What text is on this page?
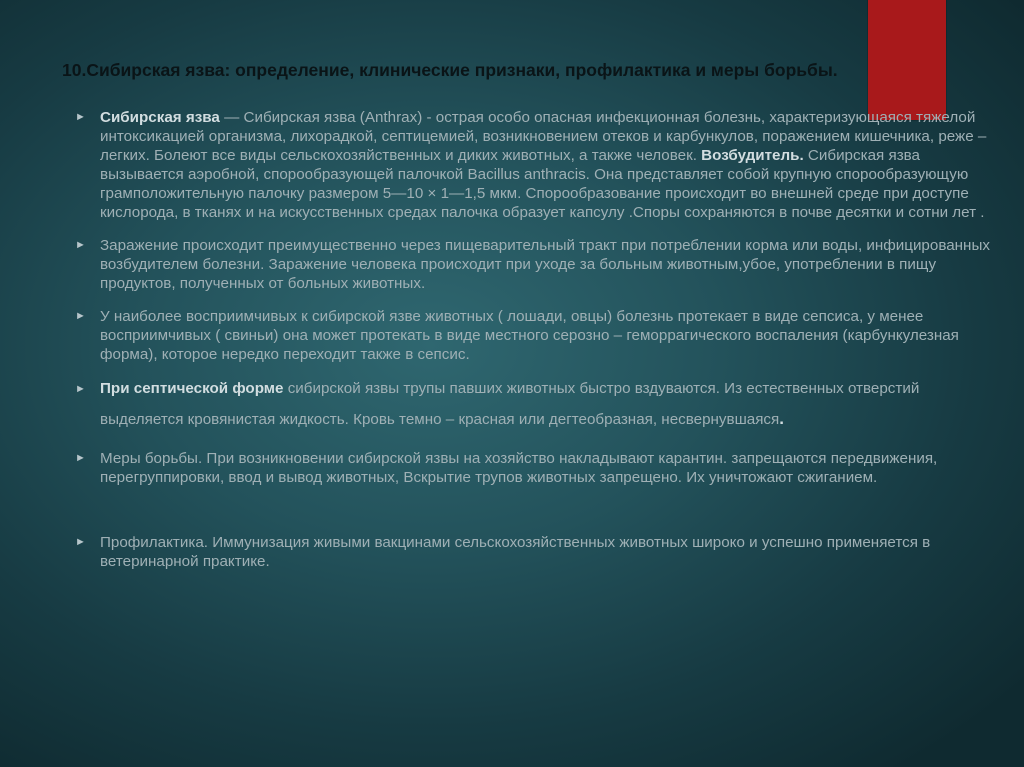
10.Сибирская язва: определение, клинические признаки, профилактика и меры борьбы.
► Сибирская язва — Сибирская язва (Anthrax) - острая особо опасная инфекционная болезнь, характеризующаяся тяжелой интоксикацией организма, лихорадкой, септицемией, возникновением отеков и карбункулов, поражением кишечника, реже – легких. Болеют все виды сельскохозяйственных и диких животных, а также человек. Возбудитель. Сибирская язва вызывается аэробной, спорообразующей палочкой Bacillus anthracis. Она представляет собой крупную спорообразующую грамположительную палочку размером 5—10 × 1—1,5 мкм. Спорообразование происходит во внешней среде при доступе кислорода, в тканях и на искусственных средах палочка образует капсулу .Споры сохраняются в почве десятки и сотни лет .
► Заражение происходит преимущественно через пищеварительный тракт при потреблении корма или воды, инфицированных возбудителем болезни. Заражение человека происходит при уходе за больным животным,убое, употреблении в пищу продуктов, полученных от больных животных.
► У наиболее восприимчивых к сибирской язве животных ( лошади, овцы) болезнь протекает в виде сепсиса, у менее восприимчивых ( свиньи) она может протекать в виде местного серозно – геморрагического воспаления (карбункулезная форма), которое нередко переходит также в сепсис.
► При септической форме сибирской язвы трупы павших животных быстро вздуваются. Из естественных отверстий выделяется кровянистая жидкость. Кровь темно – красная или дегтеобразная, несвернувшаяся.
► Меры борьбы. При возникновении сибирской язвы на хозяйство накладывают карантин. запрещаются передвижения, перегруппировки, ввод и вывод животных, Вскрытие трупов животных запрещено. Их уничтожают сжиганием.
► Профилактика. Иммунизация живыми вакцинами сельскохозяйственных животных широко и успешно применяется в ветеринарной практике.
